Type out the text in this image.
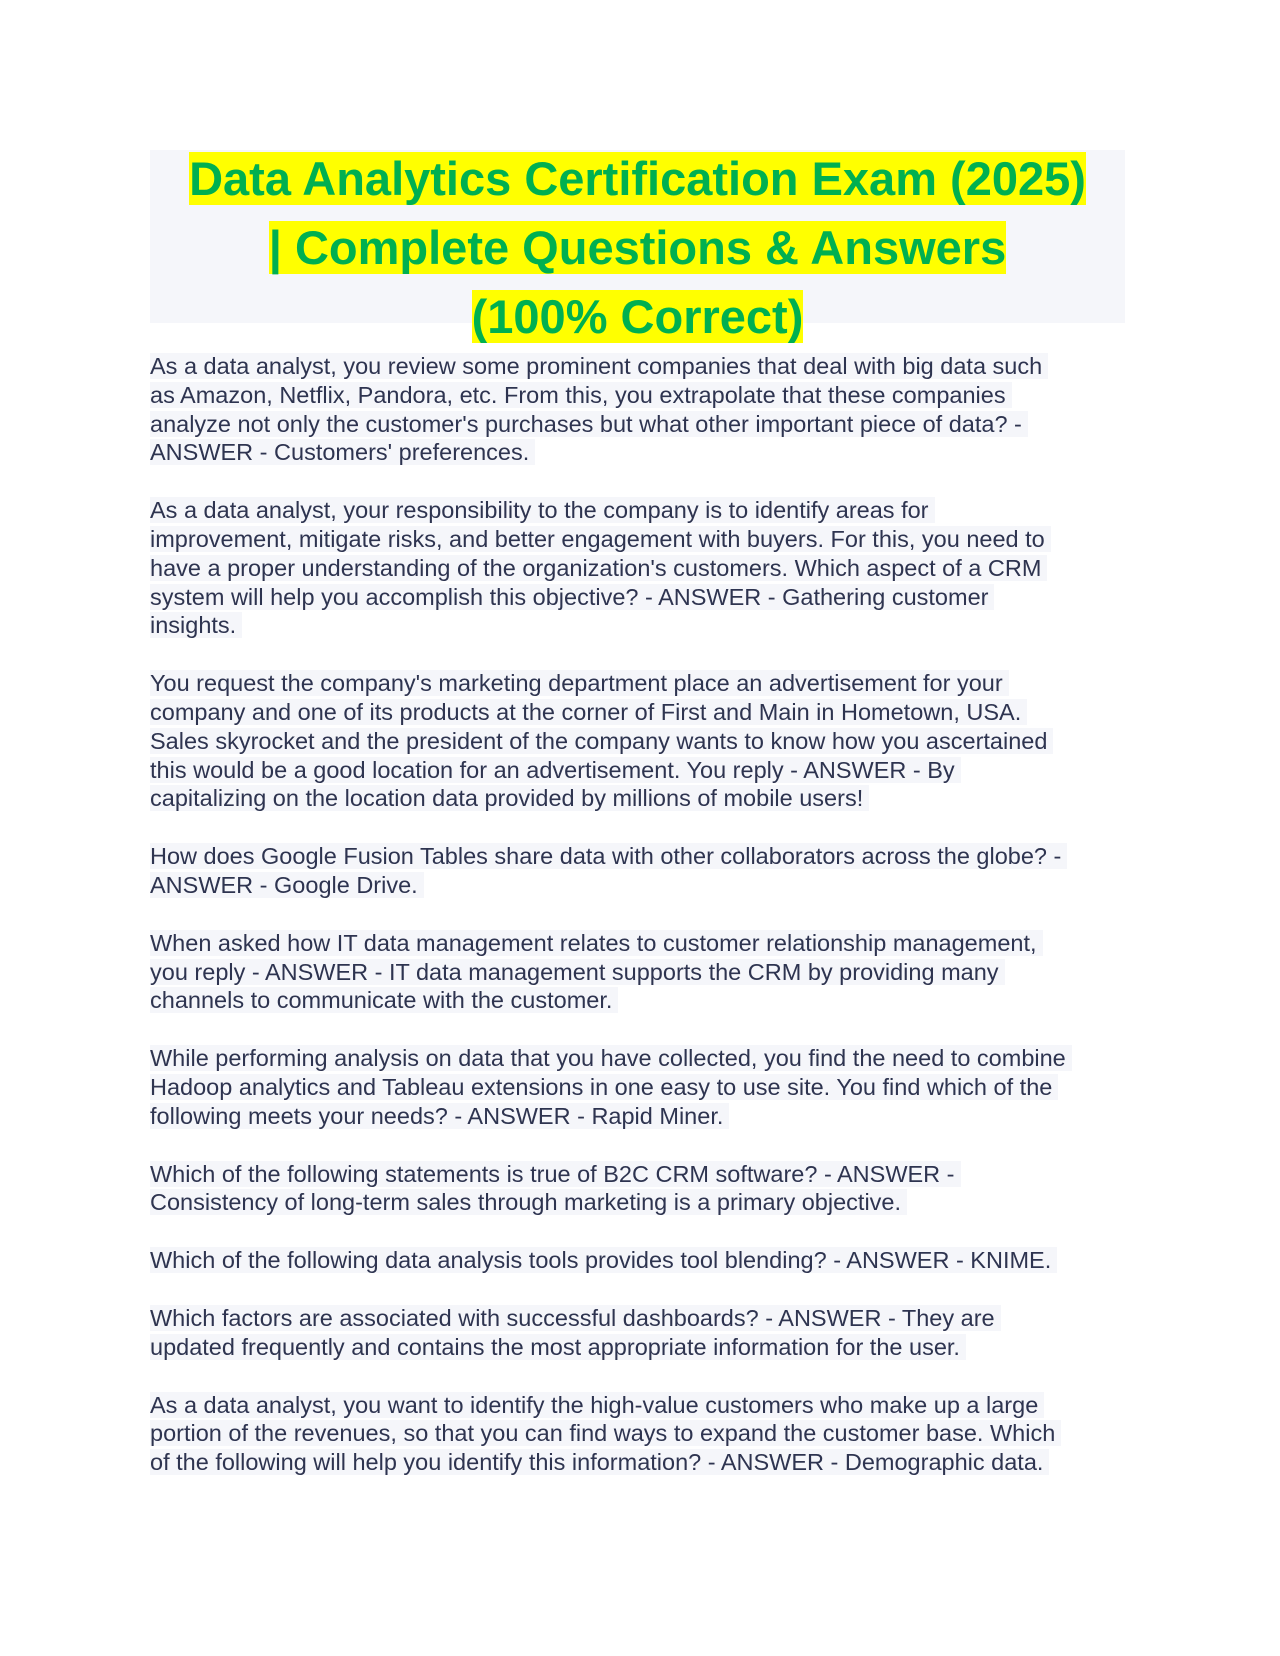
Data Analytics Certification Exam (2025)
| Complete Questions & Answers
(100% Correct)
As a data analyst, you review some prominent companies that deal with big data such
as Amazon, Netflix, Pandora, etc. From this, you extrapolate that these companies
analyze not only the customer's purchases but what other important piece of data? -
ANSWER - Customers' preferences.
As a data analyst, your responsibility to the company is to identify areas for
improvement, mitigate risks, and better engagement with buyers. For this, you need to
have a proper understanding of the organization's customers. Which aspect of a CRM
system will help you accomplish this objective? - ANSWER - Gathering customer
insights.
You request the company's marketing department place an advertisement for your
company and one of its products at the corner of First and Main in Hometown, USA.
Sales skyrocket and the president of the company wants to know how you ascertained
this would be a good location for an advertisement. You reply - ANSWER - By
capitalizing on the location data provided by millions of mobile users!
How does Google Fusion Tables share data with other collaborators across the globe? -
ANSWER - Google Drive.
When asked how IT data management relates to customer relationship management,
you reply - ANSWER - IT data management supports the CRM by providing many
channels to communicate with the customer.
While performing analysis on data that you have collected, you find the need to combine
Hadoop analytics and Tableau extensions in one easy to use site. You find which of the
following meets your needs? - ANSWER - Rapid Miner.
Which of the following statements is true of B2C CRM software? - ANSWER -
Consistency of long-term sales through marketing is a primary objective.
Which of the following data analysis tools provides tool blending? - ANSWER - KNIME.
Which factors are associated with successful dashboards? - ANSWER - They are
updated frequently and contains the most appropriate information for the user.
As a data analyst, you want to identify the high-value customers who make up a large
portion of the revenues, so that you can find ways to expand the customer base. Which
of the following will help you identify this information? - ANSWER - Demographic data.
